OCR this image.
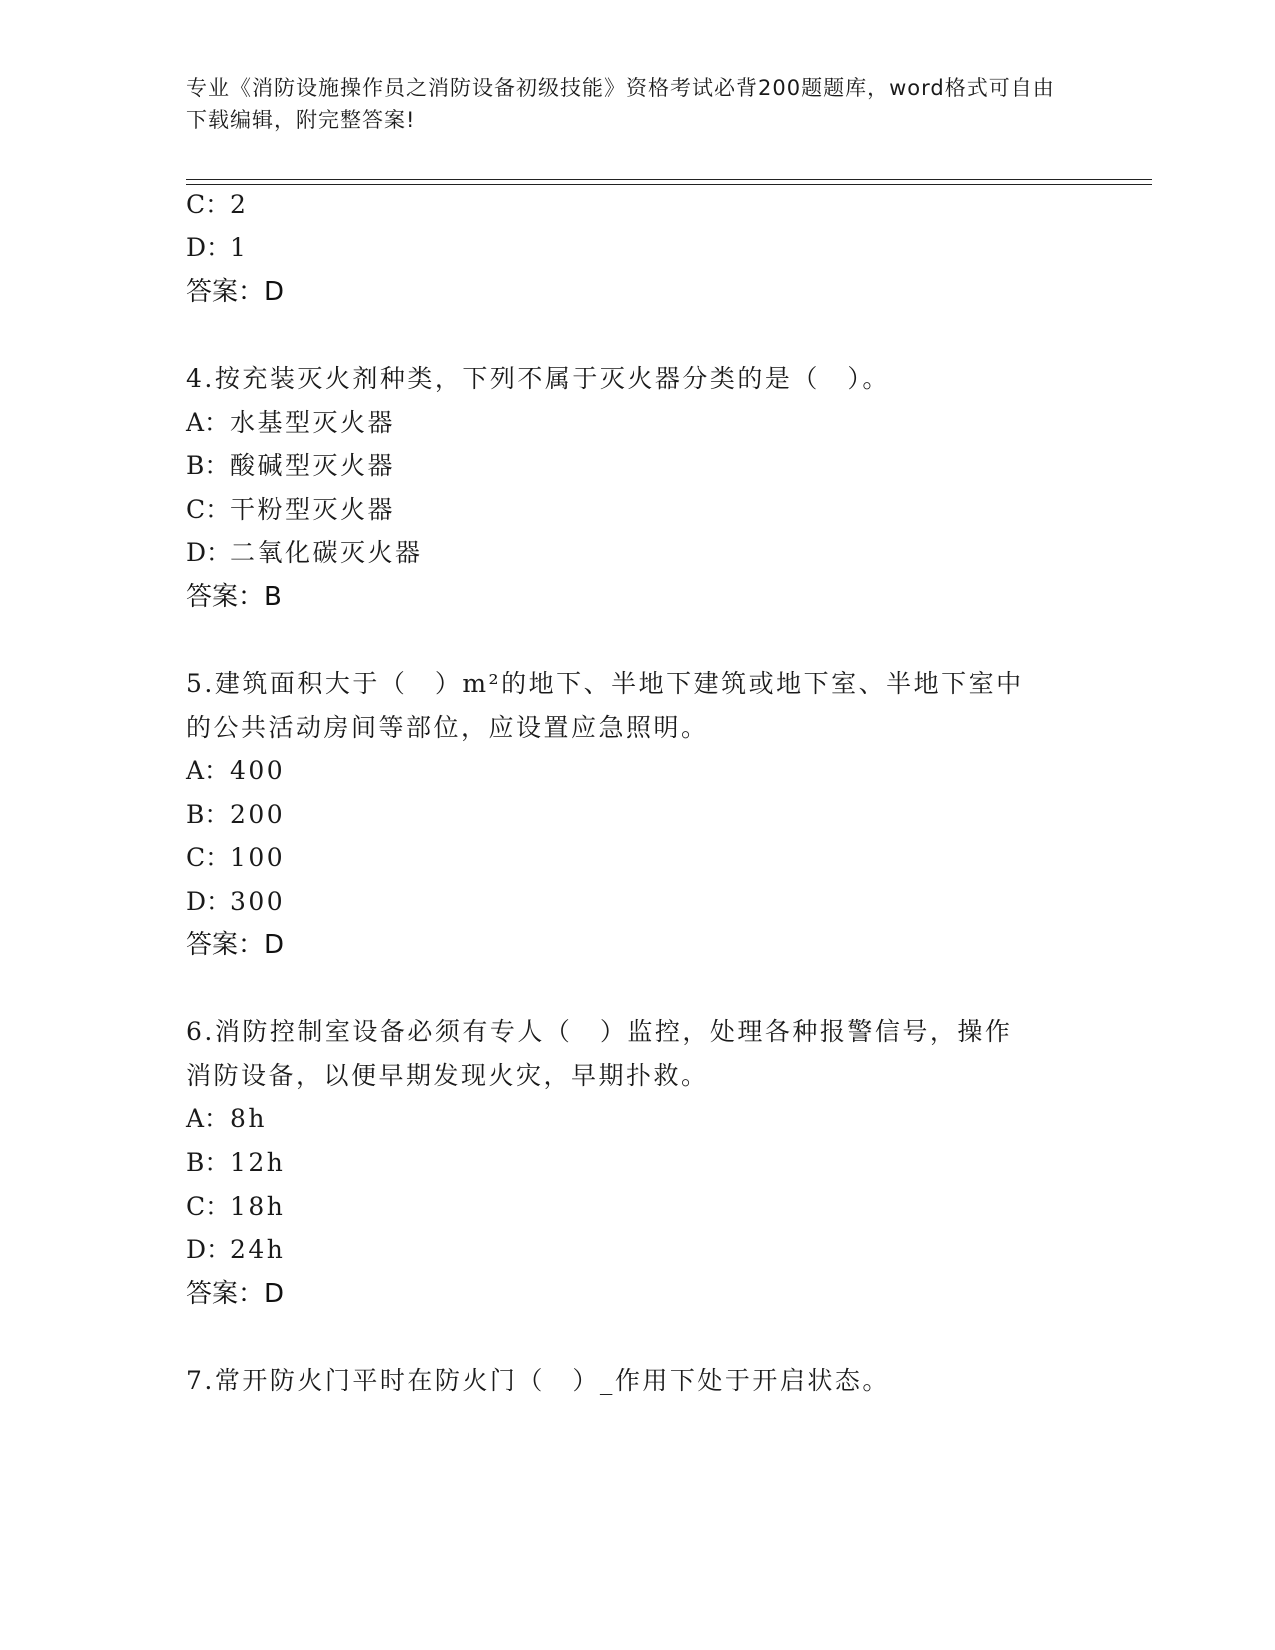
专业《消防设施操作员之消防设备初级技能》资格考试必背200题题库，word格式可自由下载编辑，附完整答案!
C：2
D：1
答案：D
4.按充装灭火剂种类，下列不属于灭火器分类的是（　）。
A：水基型灭火器
B：酸碱型灭火器
C：干粉型灭火器
D：二氧化碳灭火器
答案：B
5.建筑面积大于（　）m²的地下、半地下建筑或地下室、半地下室中
的公共活动房间等部位，应设置应急照明。
A：400
B：200
C：100
D：300
答案：D
6.消防控制室设备必须有专人（　）监控，处理各种报警信号，操作
消防设备，以便早期发现火灾，早期扑救。
A：8h
B：12h
C：18h
D：24h
答案：D
7.常开防火门平时在防火门（　）_作用下处于开启状态。
